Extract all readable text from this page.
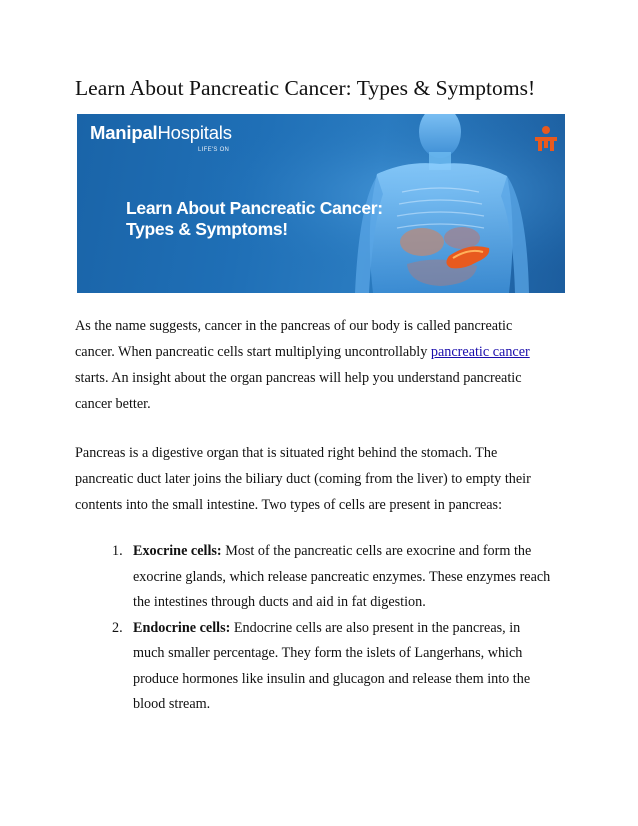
Learn About Pancreatic Cancer: Types & Symptoms!
ManipalHospitals
LIFE'S ON
Learn About Pancreatic Cancer:
Types & Symptoms!
As the name suggests, cancer in the pancreas of our body is called pancreatic
cancer. When pancreatic cells start multiplying uncontrollably pancreatic cancer
starts. An insight about the organ pancreas will help you understand pancreatic
cancer better.
Pancreas is a digestive organ that is situated right behind the stomach. The
pancreatic duct later joins the biliary duct (coming from the liver) to empty their
contents into the small intestine. Two types of cells are present in pancreas:
1. Exocrine cells: Most of the pancreatic cells are exocrine and form the
exocrine glands, which release pancreatic enzymes. These enzymes reach
the intestines through ducts and aid in fat digestion.
2. Endocrine cells: Endocrine cells are also present in the pancreas, in
much smaller percentage. They form the islets of Langerhans, which
produce hormones like insulin and glucagon and release them into the
blood stream.
